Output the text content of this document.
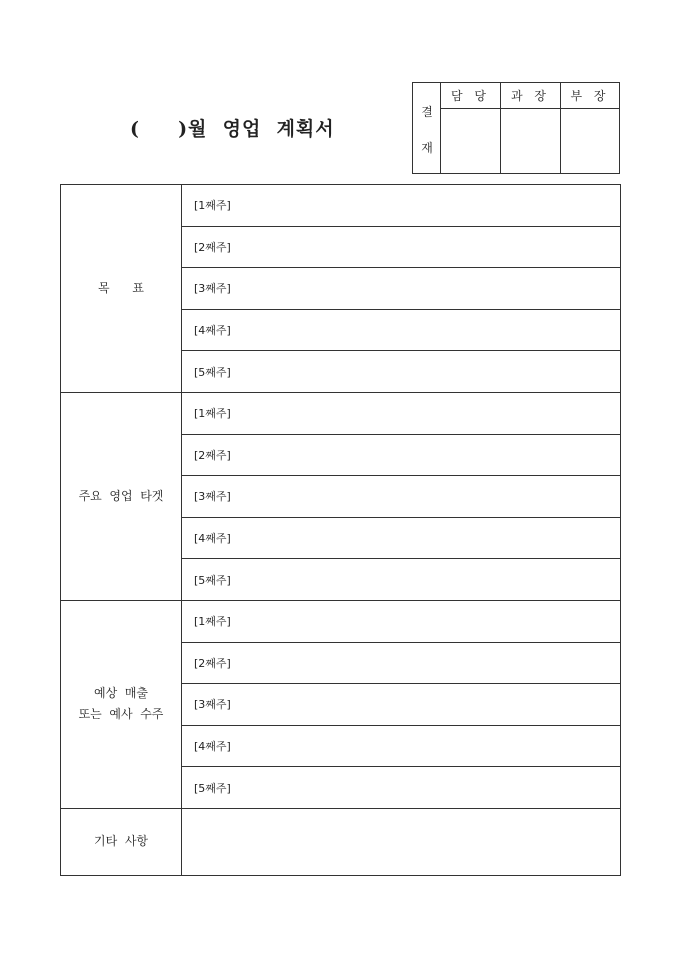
(     )월  영업  계획서
결
재
담 당	과 장	부 장
목      표	[1째주]
	[2째주]
	[3째주]
	[4째주]
	[5째주]
주요  영업  타겟	[1째주]
	[2째주]
	[3째주]
	[4째주]
	[5째주]
예상  매출
또는  예사  수주	[1째주]
	[2째주]
	[3째주]
	[4째주]
	[5째주]
기타  사항	
